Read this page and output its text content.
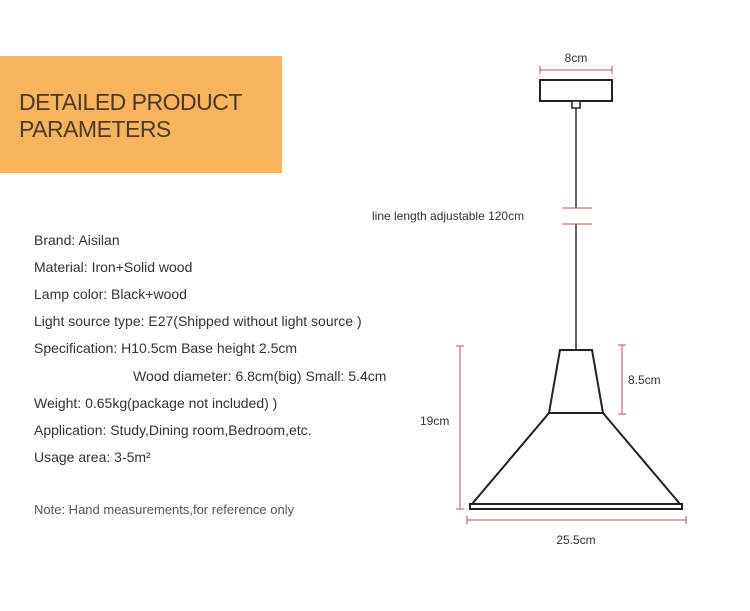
DETAILED PRODUCT
PARAMETERS
Brand: Aisilan
Material: Iron+Solid wood
Lamp color: Black+wood
Light source type: E27(Shipped without light source )
Specification: H10.5cm Base height 2.5cm
Wood diameter: 6.8cm(big) Small: 5.4cm
Weight: 0.65kg(package not included) )
Application: Study,Dining room,Bedroom,etc.
Usage area: 3-5m²
Note: Hand measurements,for reference only
8cm
line length adjustable 120cm
8.5cm
19cm
25.5cm
